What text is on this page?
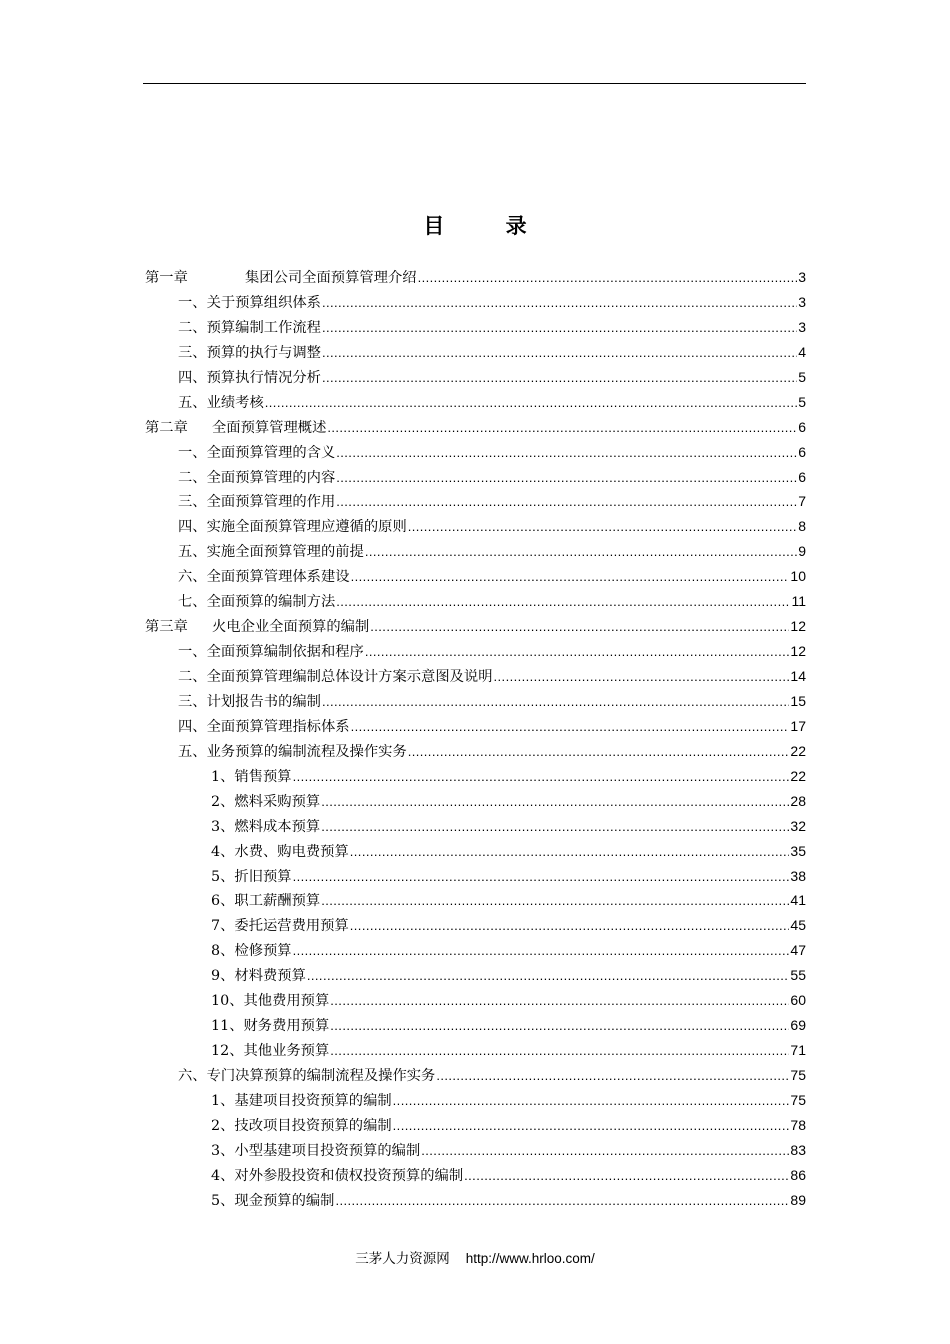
目 录
第一章	集团公司全面预算管理介绍 .....	3
一、 关于预算组织体系 .....	3
二、 预算编制工作流程 .....	3
三、 预算的执行与调整 .....	4
四、 预算执行情况分析 .....	5
五、 业绩考核 .....	5
第二章	全面预算管理概述 .....	6
一、 全面预算管理的含义 .....	6
二、 全面预算管理的内容 .....	6
三、 全面预算管理的作用 .....	7
四、 实施全面预算管理应遵循的原则 .....	8
五、 实施全面预算管理的前提 .....	9
六、 全面预算管理体系建设 .....	10
七、 全面预算的编制方法 .....	11
第三章	火电企业全面预算的编制 .....	12
一、 全面预算编制依据和程序 .....	12
二、 全面预算管理编制总体设计方案示意图及说明 .....	14
三、 计划报告书的编制 .....	15
四、 全面预算管理指标体系 .....	17
五、 业务预算的编制流程及操作实务 .....	22
1、 销售预算 .....	22
2、 燃料采购预算 .....	28
3、 燃料成本预算 .....	32
4、 水费、购电费预算 .....	35
5、 折旧预算 .....	38
6、 职工薪酬预算 .....	41
7、 委托运营费用预算 .....	45
8、 检修预算 .....	47
9、 材料费预算 .....	55
10、 其他费用预算 .....	60
11、 财务费用预算 .....	69
12、 其他业务预算 .....	71
六、 专门决算预算的编制流程及操作实务 .....	75
1、 基建项目投资预算的编制 .....	75
2、 技改项目投资预算的编制 .....	78
3、 小型基建项目投资预算的编制 .....	83
4、 对外参股投资和债权投资预算的编制 .....	86
5、 现金预算的编制 .....	89
三茅人力资源网 http://www.hrloo.com/
